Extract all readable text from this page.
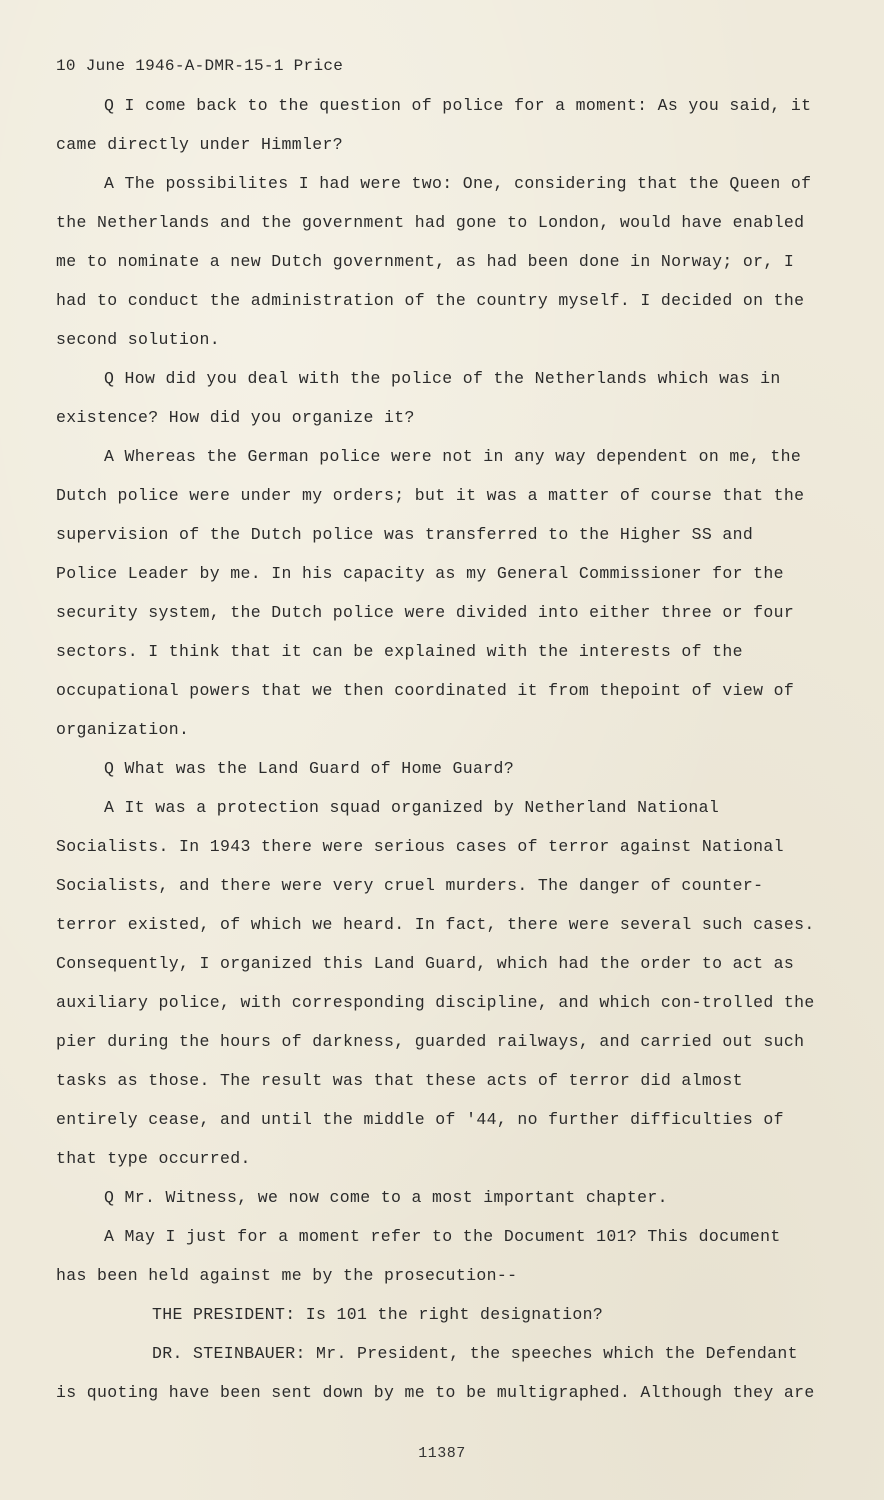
10 June 1946-A-DMR-15-1 Price

Q I come back to the question of police for a moment: As you said, it came directly under Himmler?

A The possibilites I had were two: One, considering that the Queen of the Netherlands and the government had gone to London, would have enabled me to nominate a new Dutch government, as had been done in Norway; or, I had to conduct the administration of the country myself. I decided on the second solution.

Q How did you deal with the police of the Netherlands which was in existence? How did you organize it?

A Whereas the German police were not in any way dependent on me, the Dutch police were under my orders; but it was a matter of course that the supervision of the Dutch police was transferred to the Higher SS and Police Leader by me. In his capacity as my General Commissioner for the security system, the Dutch police were divided into either three or four sectors. I think that it can be explained with the interests of the occupational powers that we then coordinated it from thepoint of view of organization.

Q What was the Land Guard of Home Guard?

A It was a protection squad organized by Netherland National Socialists. In 1943 there were serious cases of terror against National Socialists, and there were very cruel murders. The danger of counter-terror existed, of which we heard. In fact, there were several such cases. Consequently, I organized this Land Guard, which had the order to act as auxiliary police, with corresponding discipline, and which con-trolled the pier during the hours of darkness, guarded railways, and carried out such tasks as those. The result was that these acts of terror did almost entirely cease, and until the middle of '44, no further difficulties of that type occurred.

Q Mr. Witness, we now come to a most important chapter.

A May I just for a moment refer to the Document 101? This document has been held against me by the prosecution--

THE PRESIDENT: Is 101 the right designation?

DR. STEINBAUER: Mr. President, the speeches which the Defendant is quoting have been sent down by me to be multigraphed. Although they are

11387
